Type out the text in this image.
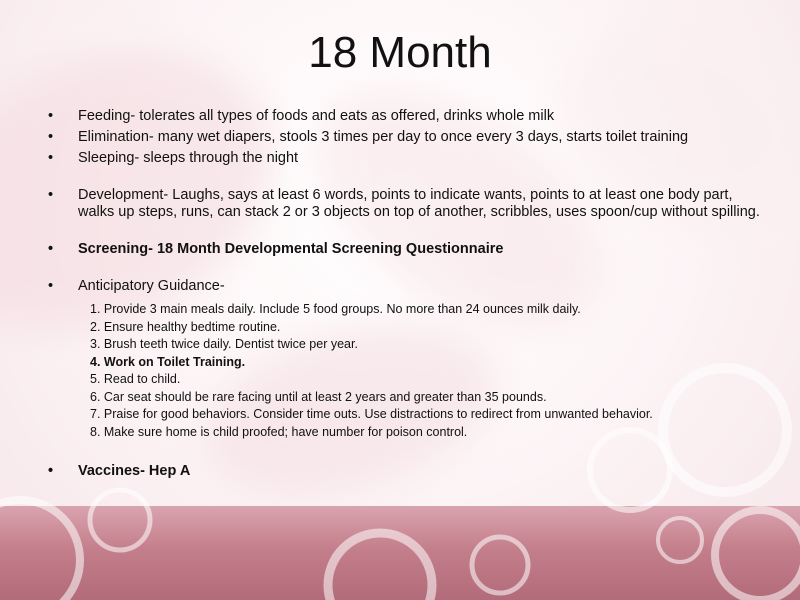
18 Month
• Feeding- tolerates all types of foods and eats as offered, drinks whole milk
• Elimination- many wet diapers, stools 3 times per day to once every 3 days, starts toilet training
• Sleeping- sleeps through the night
• Development- Laughs, says at least 6 words, points to indicate wants, points to at least one body part, walks up steps, runs, can stack 2 or 3 objects on top of another, scribbles, uses spoon/cup without spilling.
• Screening- 18 Month Developmental Screening Questionnaire
• Anticipatory Guidance-
1. Provide 3 main meals daily. Include 5 food groups. No more than 24 ounces milk daily.
2. Ensure healthy bedtime routine.
3. Brush teeth twice daily. Dentist twice per year.
4. Work on Toilet Training.
5. Read to child.
6. Car seat should be rare facing until at least 2 years and greater than 35 pounds.
7. Praise for good behaviors. Consider time outs. Use distractions to redirect from unwanted behavior.
8. Make sure home is child proofed; have number for poison control.
• Vaccines- Hep A
